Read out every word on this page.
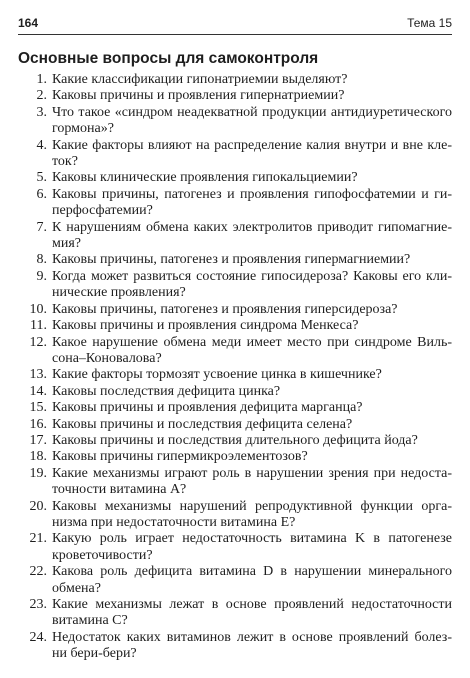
164	Тема 15
Основные вопросы для самоконтроля
1. Какие классификации гипонатриемии выделяют?
2. Каковы причины и проявления гипернатриемии?
3. Что такое «синдром неадекватной продукции антидиуретического
гормона»?
4. Какие факторы влияют на распределение калия внутри и вне кле-
ток?
5. Каковы клинические проявления гипокальциемии?
6. Каковы причины, патогенез и проявления гипофосфатемии и ги-
перфосфатемии?
7. К нарушениям обмена каких электролитов приводит гипомагние-
мия?
8. Каковы причины, патогенез и проявления гипермагниемии?
9. Когда может развиться состояние гипосидероза? Каковы его кли-
нические проявления?
10. Каковы причины, патогенез и проявления гиперсидероза?
11. Каковы причины и проявления синдрома Менкеса?
12. Какое нарушение обмена меди имеет место при синдроме Виль-
сона–Коновалова?
13. Какие факторы тормозят усвоение цинка в кишечнике?
14. Каковы последствия дефицита цинка?
15. Каковы причины и проявления дефицита марганца?
16. Каковы причины и последствия дефицита селена?
17. Каковы причины и последствия длительного дефицита йода?
18. Каковы причины гипермикроэлементозов?
19. Какие механизмы играют роль в нарушении зрения при недоста-
точности витамина А?
20. Каковы механизмы нарушений репродуктивной функции орга-
низма при недостаточности витамина Е?
21. Какую роль играет недостаточность витамина K в патогенезе
кроветочивости?
22. Какова роль дефицита витамина D в нарушении минерального
обмена?
23. Какие механизмы лежат в основе проявлений недостаточности
витамина С?
24. Недостаток каких витаминов лежит в основе проявлений болез-
ни бери-бери?
